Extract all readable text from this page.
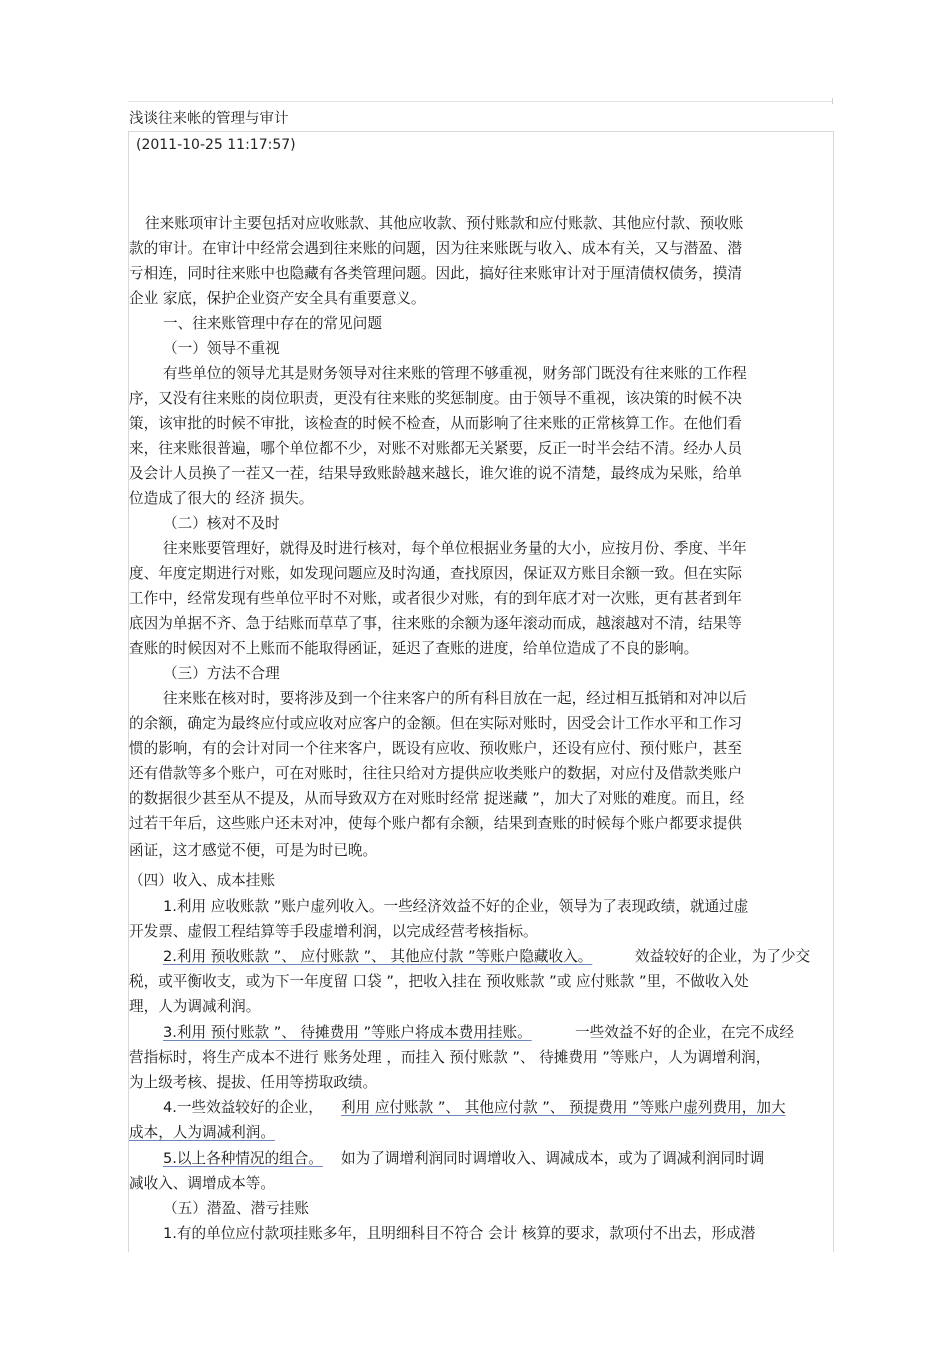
浅谈往来帐的管理与审计
(2011-10-25 11:17:57)
往来账项审计主要包括对应收账款、其他应收款、预付账款和应付账款、其他应付款、预收账
款的审计。在审计中经常会遇到往来账的问题，因为往来账既与收入、成本有关，又与潜盈、潜
亏相连，同时往来账中也隐藏有各类管理问题。因此，搞好往来账审计对于厘清债权债务，摸清
企业 家底，保护企业资产安全具有重要意义。
一、往来账管理中存在的常见问题
（一）领导不重视
有些单位的领导尤其是财务领导对往来账的管理不够重视，财务部门既没有往来账的工作程
序，又没有往来账的岗位职责，更没有往来账的奖惩制度。由于领导不重视，该决策的时候不决
策，该审批的时候不审批，该检查的时候不检查，从而影响了往来账的正常核算工作。在他们看
来，往来账很普遍，哪个单位都不少，对账不对账都无关紧要，反正一时半会结不清。经办人员
及会计人员换了一茬又一茬，结果导致账龄越来越长，谁欠谁的说不清楚，最终成为呆账，给单
位造成了很大的 经济 损失。
（二）核对不及时
往来账要管理好，就得及时进行核对，每个单位根据业务量的大小，应按月份、季度、半年
度、年度定期进行对账，如发现问题应及时沟通，查找原因，保证双方账目余额一致。但在实际
工作中，经常发现有些单位平时不对账，或者很少对账，有的到年底才对一次账，更有甚者到年
底因为单据不齐、急于结账而草草了事，往来账的余额为逐年滚动而成，越滚越对不清，结果等
查账的时候因对不上账而不能取得函证，延迟了查账的进度，给单位造成了不良的影响。
（三）方法不合理
往来账在核对时，要将涉及到一个往来客户的所有科目放在一起，经过相互抵销和对冲以后
的余额，确定为最终应付或应收对应客户的金额。但在实际对账时，因受会计工作水平和工作习
惯的影响，有的会计对同一个往来客户，既设有应收、预收账户，还设有应付、预付账户，甚至
还有借款等多个账户，可在对账时，往往只给对方提供应收类账户的数据，对应付及借款类账户
的数据很少甚至从不提及，从而导致双方在对账时经常 捉迷藏 ”，加大了对账的难度。而且，经
过若干年后，这些账户还未对冲，使每个账户都有余额，结果到查账的时候每个账户都要求提供
函证，这才感觉不便，可是为时已晚。
（四）收入、成本挂账
1.利用 应收账款 ”账户虚列收入。一些经济效益不好的企业，领导为了表现政绩，就通过虚
开发票、虚假工程结算等手段虚增利润，以完成经营考核指标。
2.利用 预收账款 ”、 应付账款 ”、 其他应付款 ”等账户隐藏收入。	效益较好的企业，为了少交
税，或平衡收支，或为下一年度留 口袋 ”，把收入挂在 预收账款 ”或 应付账款 ”里，不做收入处
理，人为调减利润。
3.利用 预付账款 ”、 待摊费用 ”等账户将成本费用挂账。	一些效益不好的企业，在完不成经
营指标时，将生产成本不进行 账务处理 ，而挂入 预付账款 ”、 待摊费用 ”等账户，人为调增利润，
为上级考核、提拔、任用等捞取政绩。
4.一些效益较好的企业， 利用 应付账款 ”、 其他应付款 ”、 预提费用 ”等账户虚列费用，加大
成本，人为调减利润。
5.以上各种情况的组合。 如为了调增利润同时调增收入、调减成本，或为了调减利润同时调
减收入、调增成本等。
（五）潜盈、潜亏挂账
1.有的单位应付款项挂账多年，且明细科目不符合 会计 核算的要求，款项付不出去，形成潜
